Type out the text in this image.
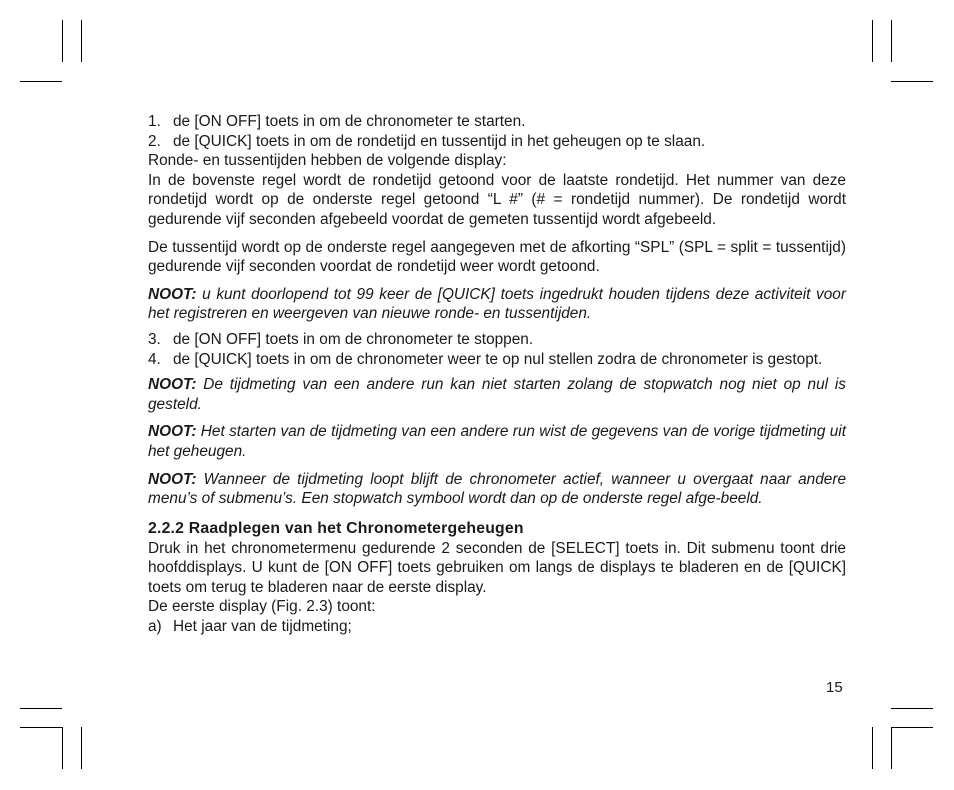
1. de [ON OFF] toets in om de chronometer te starten.
2. de [QUICK] toets in om de rondetijd en tussentijd in het geheugen op te slaan.

Ronde- en tussentijden hebben de volgende display:

In de bovenste regel wordt de rondetijd getoond voor de laatste rondetijd. Het nummer van deze rondetijd wordt op de onderste regel getoond “L #” (# = rondetijd nummer). De rondetijd wordt gedurende vijf seconden afgebeeld voordat de gemeten tussentijd wordt afgebeeld.

De tussentijd wordt op de onderste regel aangegeven met de afkorting “SPL” (SPL = split = tussentijd) gedurende vijf seconden voordat de rondetijd weer wordt getoond.

NOOT: u kunt doorlopend tot 99 keer de [QUICK] toets ingedrukt houden tijdens deze activiteit voor het registreren en weergeven van nieuwe ronde- en tussentijden.

3. de [ON OFF] toets in om de chronometer te stoppen.
4. de [QUICK] toets in om de chronometer weer te op nul stellen zodra de chronometer is gestopt.

NOOT: De tijdmeting van een andere run kan niet starten zolang de stopwatch nog niet op nul is gesteld.

NOOT: Het starten van de tijdmeting van een andere run wist de gegevens van de vorige tijdmeting uit het geheugen.

NOOT: Wanneer de tijdmeting loopt blijft de chronometer actief, wanneer u overgaat naar andere menu’s of submenu’s. Een stopwatch symbool wordt dan op de onderste regel afge-beeld.

2.2.2 Raadplegen van het Chronometergeheugen

Druk in het chronometermenu gedurende 2 seconden de [SELECT] toets in. Dit submenu toont drie hoofddisplays. U kunt de [ON OFF] toets gebruiken om langs de displays te bladeren en de [QUICK] toets om terug te bladeren naar de eerste display.

De eerste display (Fig. 2.3) toont:

a) Het jaar van de tijdmeting;
15
